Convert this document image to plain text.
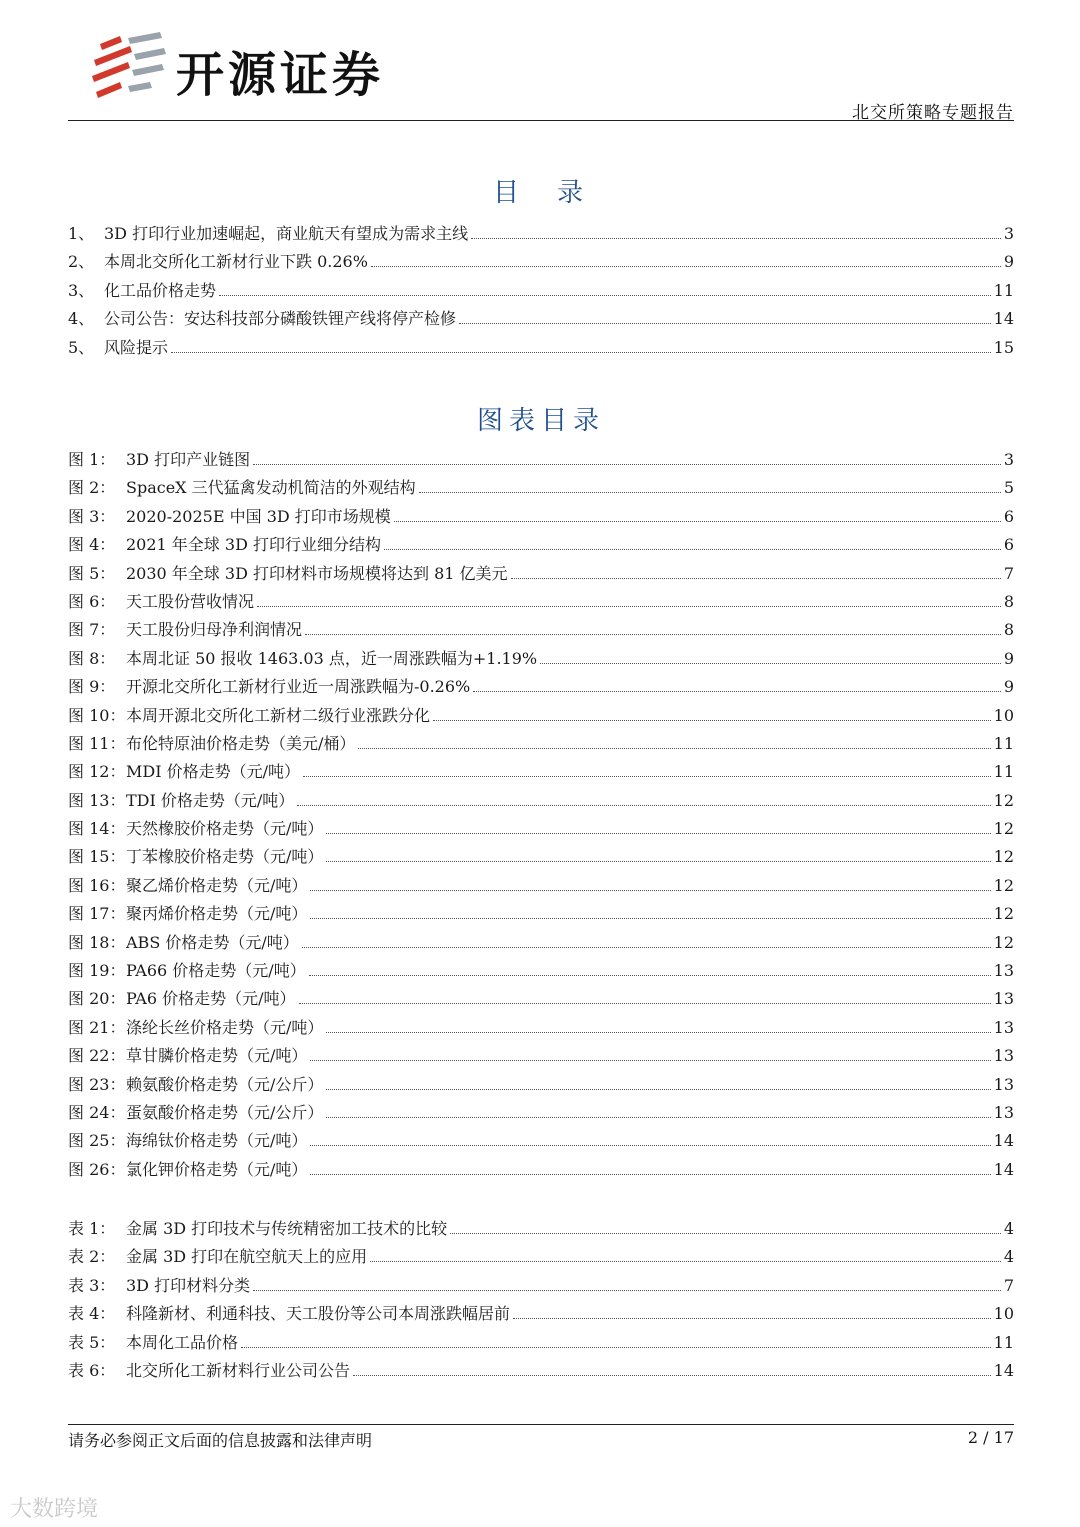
开源证券
北交所策略专题报告
目　录
1、 3D 打印行业加速崛起，商业航天有望成为需求主线	3
2、 本周北交所化工新材行业下跌 0.26%	9
3、 化工品价格走势	11
4、 公司公告：安达科技部分磷酸铁锂产线将停产检修	14
5、 风险提示	15
图表目录
图 1： 3D 打印产业链图	3
图 2： SpaceX 三代猛禽发动机简洁的外观结构	5
图 3： 2020-2025E 中国 3D 打印市场规模	6
图 4： 2021 年全球 3D 打印行业细分结构	6
图 5： 2030 年全球 3D 打印材料市场规模将达到 81 亿美元	7
图 6： 天工股份营收情况	8
图 7： 天工股份归母净利润情况	8
图 8： 本周北证 50 报收 1463.03 点，近一周涨跌幅为+1.19%	9
图 9： 开源北交所化工新材行业近一周涨跌幅为-0.26%	9
图 10： 本周开源北交所化工新材二级行业涨跌分化	10
图 11： 布伦特原油价格走势（美元/桶）	11
图 12： MDI 价格走势（元/吨）	11
图 13： TDI 价格走势（元/吨）	12
图 14： 天然橡胶价格走势（元/吨）	12
图 15： 丁苯橡胶价格走势（元/吨）	12
图 16： 聚乙烯价格走势（元/吨）	12
图 17： 聚丙烯价格走势（元/吨）	12
图 18： ABS 价格走势（元/吨）	12
图 19： PA66 价格走势（元/吨）	13
图 20： PA6 价格走势（元/吨）	13
图 21： 涤纶长丝价格走势（元/吨）	13
图 22： 草甘膦价格走势（元/吨）	13
图 23： 赖氨酸价格走势（元/公斤）	13
图 24： 蛋氨酸价格走势（元/公斤）	13
图 25： 海绵钛价格走势（元/吨）	14
图 26： 氯化钾价格走势（元/吨）	14
表 1： 金属 3D 打印技术与传统精密加工技术的比较	4
表 2： 金属 3D 打印在航空航天上的应用	4
表 3： 3D 打印材料分类	7
表 4： 科隆新材、利通科技、天工股份等公司本周涨跌幅居前	10
表 5： 本周化工品价格	11
表 6： 北交所化工新材料行业公司公告	14
请务必参阅正文后面的信息披露和法律声明	2 / 17
大数跨境
